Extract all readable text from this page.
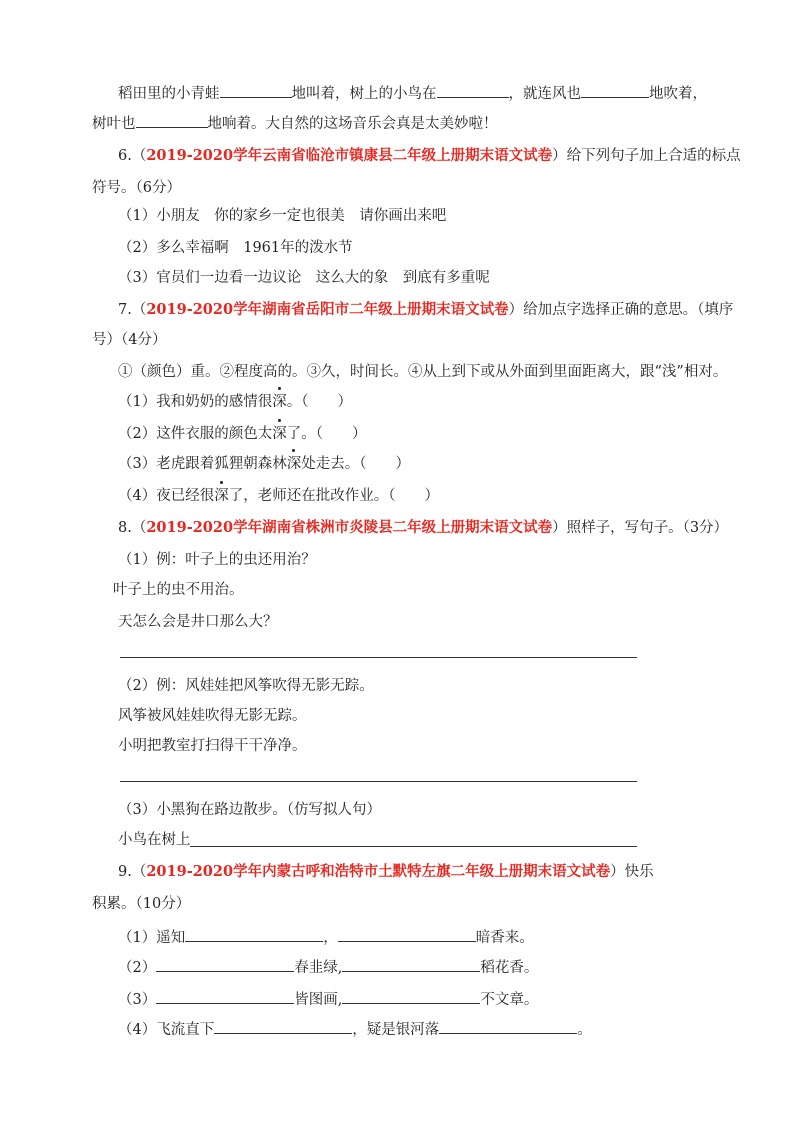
稻田里的小青蛙	地叫着，树上的小鸟在	，就连风也	地吹着，
树叶也	地响着。大自然的这场音乐会真是太美妙啦！
6.（2019-2020学年云南省临沧市镇康县二年级上册期末语文试卷）给下列句子加上合适的标点
符号。（6分）
（1）小朋友　你的家乡一定也很美　请你画出来吧
（2）多么幸福啊　1961年的泼水节
（3）官员们一边看一边议论　这么大的象　到底有多重呢
7.（2019-2020学年湖南省岳阳市二年级上册期末语文试卷）给加点字选择正确的意思。（填序
号）（4分）
①（颜色）重。②程度高的。③久，时间长。④从上到下或从外面到里面距离大，跟“浅”相对。
（1）我和奶奶的感情很深。（　　）
（2）这件衣服的颜色太深了。（　　）
（3）老虎跟着狐狸朝森林深处走去。（　　）
（4）夜已经很深了，老师还在批改作业。（　　）
8.（2019-2020学年湖南省株洲市炎陵县二年级上册期末语文试卷）照样子，写句子。（3分）
（1）例：叶子上的虫还用治？
叶子上的虫不用治。
天怎么会是井口那么大？
（2）例：风娃娃把风筝吹得无影无踪。
风筝被风娃娃吹得无影无踪。
小明把教室打扫得干干净净。
（3）小黑狗在路边散步。（仿写拟人句）
小鸟在树上
9.（2019-2020学年内蒙古呼和浩特市土默特左旗二年级上册期末语文试卷）快乐
积累。（10分）
（1）遥知	，	暗香来。
（2）	春韭绿,	稻花香。
（3）	皆图画,	不文章。
（4）飞流直下	，疑是银河落	。
